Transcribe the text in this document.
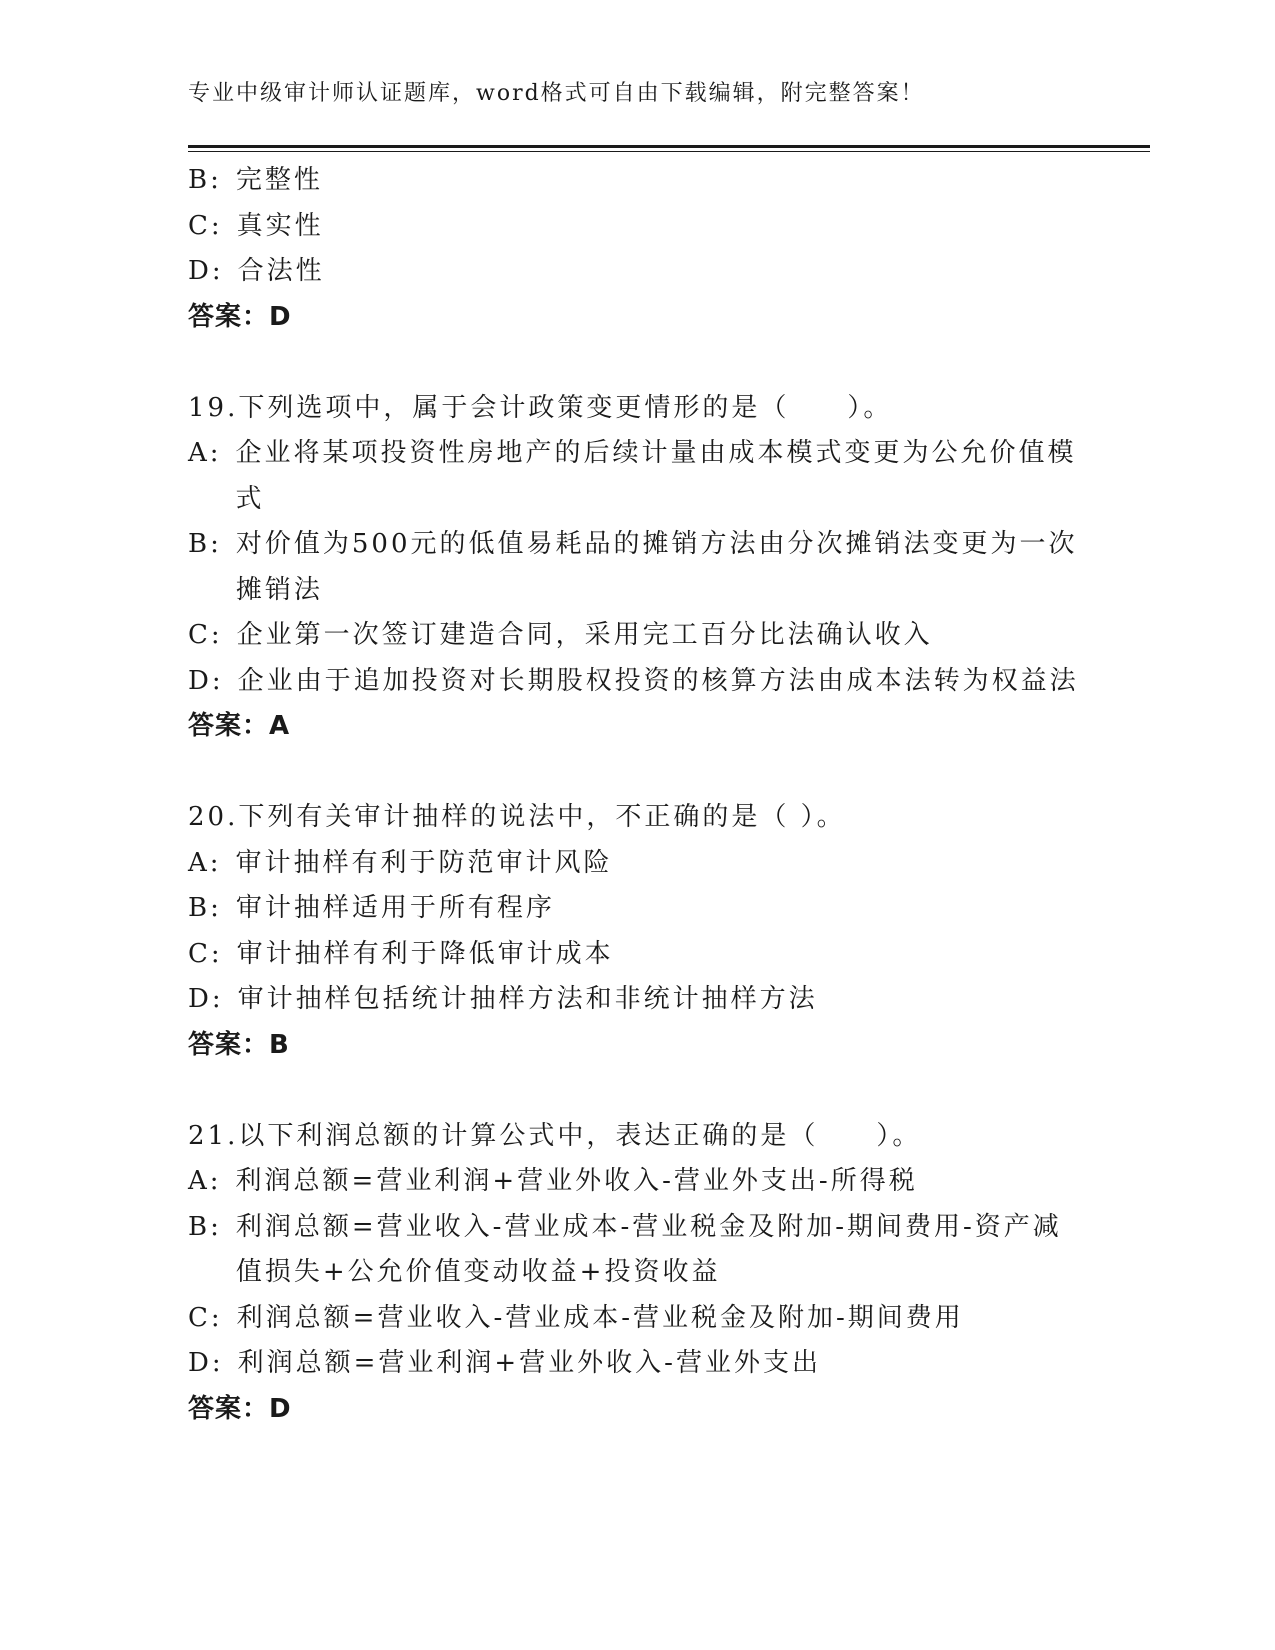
专业中级审计师认证题库，word格式可自由下载编辑，附完整答案！
B: 完整性
C: 真实性
D: 合法性

答案：D

19.下列选项中，属于会计政策变更情形的是（　　）。

A: 企业将某项投资性房地产的后续计量由成本模式变更为公允价值模式
B: 对价值为500元的低值易耗品的摊销方法由分次摊销法变更为一次摊销法
C: 企业第一次签订建造合同，采用完工百分比法确认收入
D: 企业由于追加投资对长期股权投资的核算方法由成本法转为权益法

答案：A

20.下列有关审计抽样的说法中，不正确的是（ ）。

A: 审计抽样有利于防范审计风险
B: 审计抽样适用于所有程序
C: 审计抽样有利于降低审计成本
D: 审计抽样包括统计抽样方法和非统计抽样方法

答案：B

21.以下利润总额的计算公式中，表达正确的是（　　）。

A: 利润总额=营业利润+营业外收入-营业外支出-所得税
B: 利润总额=营业收入-营业成本-营业税金及附加-期间费用-资产减值损失+公允价值变动收益+投资收益
C: 利润总额=营业收入-营业成本-营业税金及附加-期间费用
D: 利润总额=营业利润+营业外收入-营业外支出

答案：D
